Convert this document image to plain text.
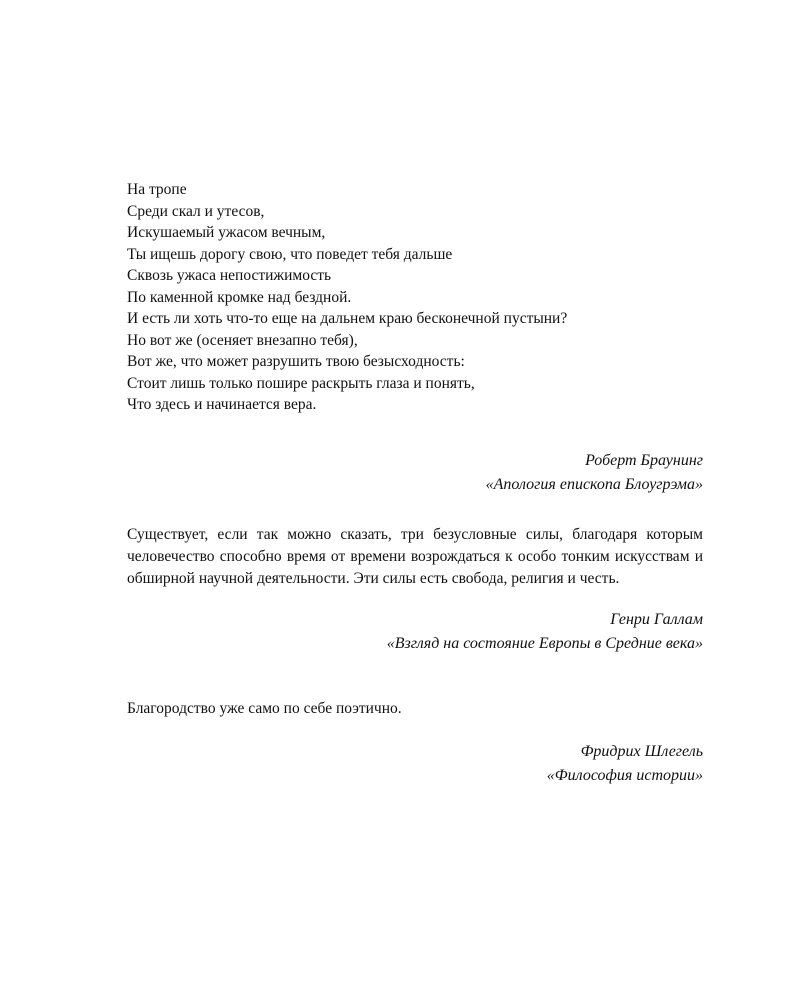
На тропе
Среди скал и утесов,
Искушаемый ужасом вечным,
Ты ищешь дорогу свою, что поведет тебя дальше
Сквозь ужаса непостижимость
По каменной кромке над бездной.
И есть ли хоть что-то еще на дальнем краю бесконечной пустыни?
Но вот же (осеняет внезапно тебя),
Вот же, что может разрушить твою безысходность:
Стоит лишь только пошире раскрыть глаза и понять,
Что здесь и начинается вера.
Роберт Браунинг
«Апология епископа Блоугрэма»
Существует, если так можно сказать, три безусловные силы, благодаря которым человечество способно время от времени возрождаться к особо тонким искусствам и обширной научной деятельности. Эти силы есть свобода, религия и честь.
Генри Галлам
«Взгляд на состояние Европы в Средние века»
Благородство уже само по себе поэтично.
Фридрих Шлегель
«Философия истории»
